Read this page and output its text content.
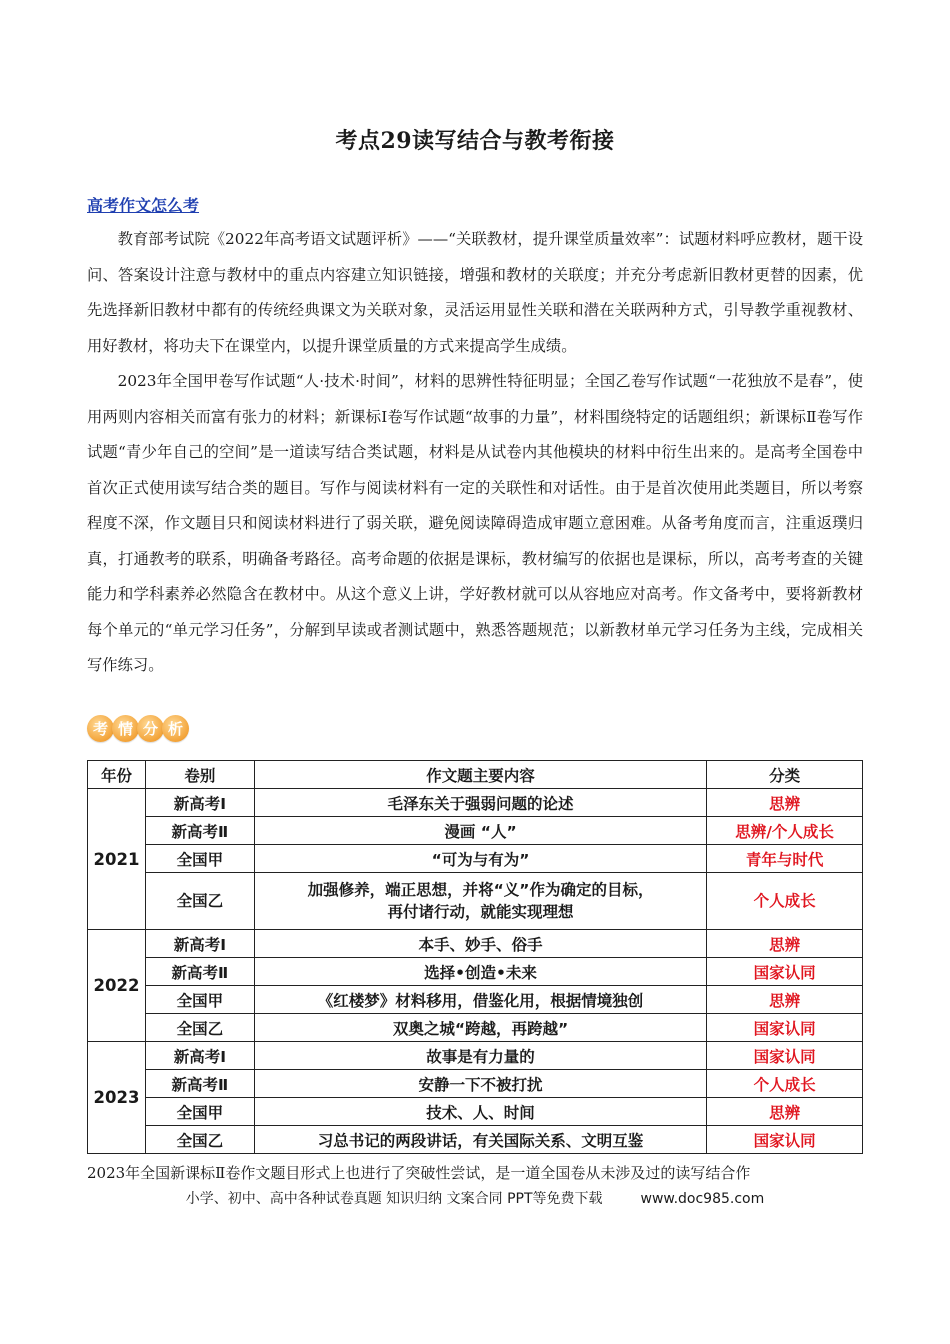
考点29读写结合与教考衔接
高考作文怎么考

教育部考试院《2022年高考语文试题评析》——“关联教材，提升课堂质量效率”：试题材料呼应教材，题干设问、答案设计注意与教材中的重点内容建立知识链接，增强和教材的关联度；并充分考虑新旧教材更替的因素，优先选择新旧教材中都有的传统经典课文为关联对象，灵活运用显性关联和潜在关联两种方式，引导教学重视教材、用好教材，将功夫下在课堂内，以提升课堂质量的方式来提高学生成绩。

2023年全国甲卷写作试题“人·技术·时间”，材料的思辨性特征明显；全国乙卷写作试题“一花独放不是春”，使用两则内容相关而富有张力的材料；新课标Ⅰ卷写作试题“故事的力量”，材料围绕特定的话题组织；新课标Ⅱ卷写作试题“青少年自己的空间”是一道读写结合类试题，材料是从试卷内其他模块的材料中衍生出来的。是高考全国卷中首次正式使用读写结合类的题目。写作与阅读材料有一定的关联性和对话性。由于是首次使用此类题目，所以考察程度不深，作文题目只和阅读材料进行了弱关联，避免阅读障碍造成审题立意困难。从备考角度而言，注重返璞归真，打通教考的联系，明确备考路径。高考命题的依据是课标，教材编写的依据也是课标，所以，高考考查的关键能力和学科素养必然隐含在教材中。从这个意义上讲，学好教材就可以从容地应对高考。作文备考中，要将新教材每个单元的“单元学习任务”，分解到早读或者测试题中，熟悉答题规范；以新教材单元学习任务为主线，完成相关写作练习。

考 情 分 析
年份	卷别	作文题主要内容	分类
2021	新高考Ⅰ	毛泽东关于强弱问题的论述	思辨
	新高考Ⅱ	漫画 “人”	思辨/个人成长
	全国甲	“可为与有为”	青年与时代
	全国乙	加强修养，端正思想，并将“义”作为确定的目标，
再付诸行动，就能实现理想	个人成长
2022	新高考Ⅰ	本手、妙手、俗手	思辨
	新高考Ⅱ	选择•创造•未来	国家认同
	全国甲	《红楼梦》材料移用，借鉴化用，根据情境独创	思辨
	全国乙	双奥之城“跨越，再跨越”	国家认同
2023	新高考Ⅰ	故事是有力量的	国家认同
	新高考Ⅱ	安静一下不被打扰	个人成长
	全国甲	技术、人、时间	思辨
	全国乙	习总书记的两段讲话，有关国际关系、文明互鉴	国家认同
2023年全国新课标Ⅱ卷作文题目形式上也进行了突破性尝试，是一道全国卷从未涉及过的读写结合作
小学、初中、高中各种试卷真题 知识归纳 文案合同 PPT等免费下载	www.doc985.com
